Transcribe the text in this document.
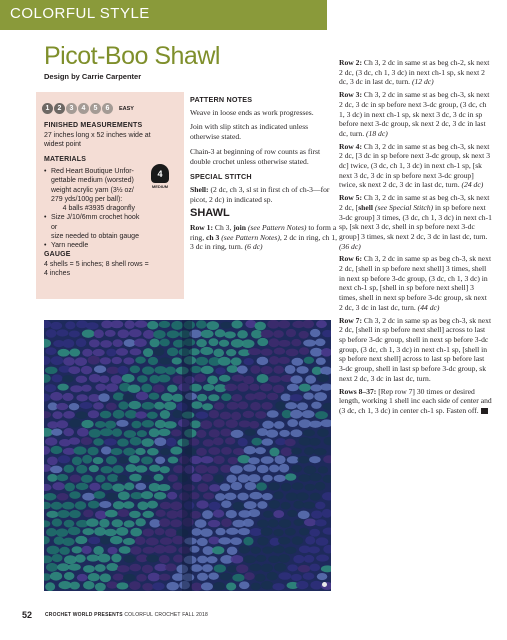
COLORFUL STYLE
Picot-Boo Shawl
Design by Carrie Carpenter
1	2	3	4	5	6	EASY
FINISHED MEASUREMENTS
27 inches long x 52 inches wide at
widest point
MATERIALS
• Red Heart Boutique Unfor-
gettable medium (worsted)
weight acrylic yarn (3½ oz/
279 yds/100g per ball):
4 balls #3935 dragonfly
• Size J/10/6mm crochet hook or
size needed to obtain gauge
• Yarn needle
4
MEDIUM
GAUGE
4 shells = 5 inches; 8 shell rows =
4 inches
PATTERN NOTES

Weave in loose ends as work progresses.

Join with slip stitch as indicated unless otherwise stated.

Chain-3 at beginning of row counts as first double crochet unless otherwise stated.

SPECIAL STITCH

Shell: (2 dc, ch 3, sl st in first ch of ch-3—for picot, 2 dc) in indicated sp.

SHAWL

Row 1: Ch 3, join (see Pattern Notes) to form a ring, ch 3 (see Pattern Notes), 2 dc in ring, ch 1, 3 dc in ring, turn. (6 dc)

Row 2: Ch 3, 2 dc in same st as beg ch-2, sk next 2 dc, (3 dc, ch 1, 3 dc) in next ch-1 sp, sk next 2 dc, 3 dc in last dc, turn. (12 dc)

Row 3: Ch 3, 2 dc in same st as beg ch-3, sk next 2 dc, 3 dc in sp before next 3-dc group, (3 dc, ch 1, 3 dc) in next ch-1 sp, sk next 3 dc, 3 dc in sp before next 3-dc group, sk next 2 dc, 3 dc in last dc, turn. (18 dc)

Row 4: Ch 3, 2 dc in same st as beg ch-3, sk next 2 dc, [3 dc in sp before next 3-dc group, sk next 3 dc] twice, (3 dc, ch 1, 3 dc) in next ch-1 sp, [sk next 3 dc, 3 dc in sp before next 3-dc group] twice, sk next 2 dc, 3 dc in last dc, turn. (24 dc)

Row 5: Ch 3, 2 dc in same st as beg ch-3, sk next 2 dc, [shell (see Special Stitch) in sp before next 3-dc group] 3 times, (3 dc, ch 1, 3 dc) in next ch-1 sp, [sk next 3 dc, shell in sp before next 3-dc group] 3 times, sk next 2 dc, 3 dc in last dc, turn. (36 dc)

Row 6: Ch 3, 2 dc in same sp as beg ch-3, sk next 2 dc, [shell in sp before next shell] 3 times, shell in next sp before 3-dc group, (3 dc, ch 1, 3 dc) in next ch-1 sp, [shell in sp before next shell] 3 times, shell in next sp before 3-dc group, sk next 2 dc, 3 dc in last dc, turn. (44 dc)

Row 7: Ch 3, 2 dc in same sp as beg ch-3, sk next 2 dc, [shell in sp before next shell] across to last sp before 3-dc group, shell in next sp before 3-dc group, (3 dc, ch 1, 3 dc) in next ch-1 sp, [shell in sp before next shell] across to last sp before last 3-dc group, shell in last sp before 3-dc group, sk next 2 dc, 3 dc in last dc, turn.

Rows 8–37: [Rep row 7] 30 times or desired length, working 1 shell inc each side of center and (3 dc, ch 1, 3 dc) in center ch-1 sp. Fasten off.

52	CROCHET WORLD PRESENTS COLORFUL CROCHET FALL 2018
